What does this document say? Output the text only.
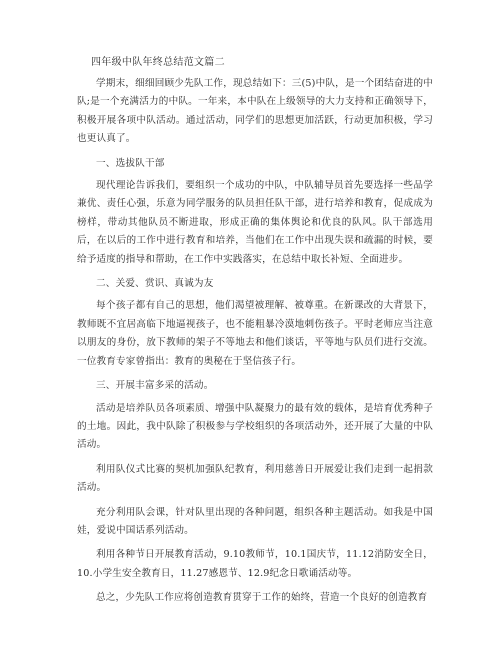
四年级中队年终总结范文篇二

学期末，细细回顾少先队工作，现总结如下：三(5)中队，是一个团结奋进的中队;是一个充满活力的中队。一年来，本中队在上级领导的大力支持和正确领导下，积极开展各项中队活动。通过活动，同学们的思想更加活跃，行动更加积极，学习也更认真了。

一、选拔队干部

现代理论告诉我们，要组织一个成功的中队，中队辅导员首先要选择一些品学兼优、责任心强，乐意为同学服务的队员担任队干部，进行培养和教育，促成成为榜样，带动其他队员不断进取，形成正确的集体舆论和优良的队风。队干部选用后，在以后的工作中进行教育和培养，当他们在工作中出现失误和疏漏的时候，要给予适度的指导和帮助，在工作中实践落实，在总结中取长补短、全面进步。

二、关爱、赏识、真诚为友

每个孩子都有自己的思想，他们渴望被理解、被尊重。在新课改的大背景下，教师既不宜居高临下地逼视孩子，也不能粗暴冷漠地刺伤孩子。平时老师应当注意以朋友的身份，放下教师的架子不等地去和他们谈话，平等地与队员们进行交流。一位教育专家曾指出：教育的奥秘在于坚信孩子行。

三、开展丰富多采的活动。

活动是培养队员各项素质、增强中队凝聚力的最有效的载体，是培育优秀种子的土地。因此，我中队除了积极参与学校组织的各项活动外，还开展了大量的中队活动。

利用队仪式比赛的契机加强队纪教育，利用慈善日开展爱让我们走到一起捐款活动。

充分利用队会课，针对队里出现的各种问题，组织各种主题活动。如我是中国娃，爱说中国话系列活动。

利用各种节日开展教育活动，9.10教师节，10.1国庆节，11.12消防安全日，10.小学生安全教育日，11.27感恩节、12.9纪念日歌诵活动等。

总之，少先队工作应将创造教育贯穿于工作的始终，营造一个良好的创造教育
